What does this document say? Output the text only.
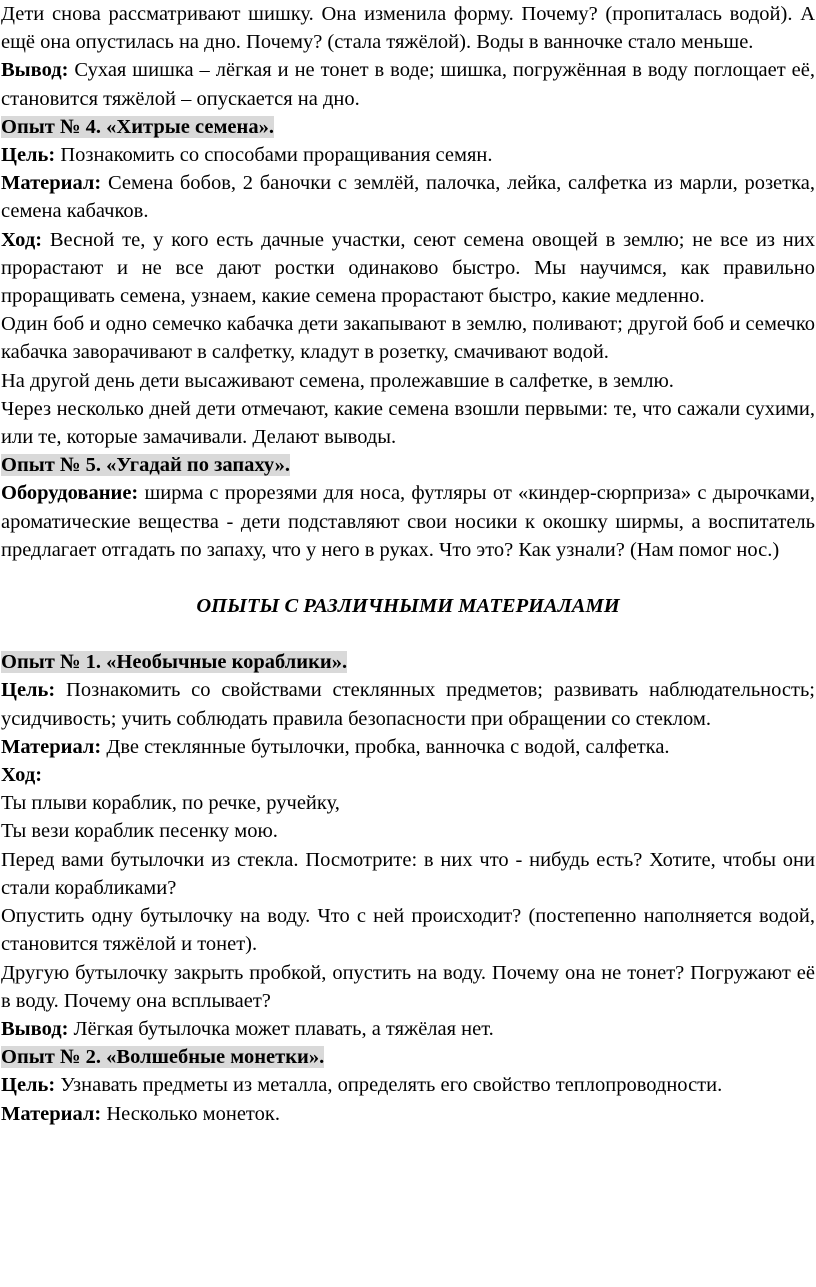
Дети снова рассматривают шишку. Она изменила форму. Почему? (пропиталась водой). А ещё она опустилась на дно. Почему? (стала тяжёлой). Воды в ванночке стало меньше.

Вывод: Сухая шишка – лёгкая и не тонет в воде; шишка, погружённая в воду поглощает её, становится тяжёлой – опускается на дно.

Опыт № 4. «Хитрые семена».

Цель: Познакомить со способами проращивания семян.

Материал: Семена бобов, 2 баночки с землёй, палочка, лейка, салфетка из марли, розетка, семена кабачков.

Ход: Весной те, у кого есть дачные участки, сеют семена овощей в землю; не все из них прорастают и не все дают ростки одинаково быстро. Мы научимся, как правильно проращивать семена, узнаем, какие семена прорастают быстро, какие медленно.

Один боб и одно семечко кабачка дети закапывают в землю, поливают; другой боб и семечко кабачка заворачивают в салфетку, кладут в розетку, смачивают водой.

На другой день дети высаживают семена, пролежавшие в салфетке, в землю.

Через несколько дней дети отмечают, какие семена взошли первыми: те, что сажали сухими, или те, которые замачивали. Делают выводы.

Опыт № 5. «Угадай по запаху».

Оборудование: ширма с прорезями для носа, футляры от «киндер-сюрприза» с дырочками, ароматические вещества - дети подставляют свои носики к окошку ширмы, а воспитатель предлагает отгадать по запаху, что у него в руках. Что это? Как узнали? (Нам помог нос.)

ОПЫТЫ С РАЗЛИЧНЫМИ МАТЕРИАЛАМИ

Опыт № 1. «Необычные кораблики».

Цель: Познакомить со свойствами стеклянных предметов; развивать наблюдательность; усидчивость; учить соблюдать правила безопасности при обращении со стеклом.

Материал: Две стеклянные бутылочки, пробка, ванночка с водой, салфетка.

Ход:

Ты плыви кораблик, по речке, ручейку,

Ты вези кораблик песенку мою.

Перед вами бутылочки из стекла. Посмотрите: в них что - нибудь есть? Хотите, чтобы они стали корабликами?

Опустить одну бутылочку на воду. Что с ней происходит? (постепенно наполняется водой, становится тяжёлой и тонет).

Другую бутылочку закрыть пробкой, опустить на воду. Почему она не тонет? Погружают её в воду. Почему она всплывает?

Вывод: Лёгкая бутылочка может плавать, а тяжёлая нет.

Опыт № 2. «Волшебные монетки».

Цель: Узнавать предметы из металла, определять его свойство теплопроводности.

Материал: Несколько монеток.
